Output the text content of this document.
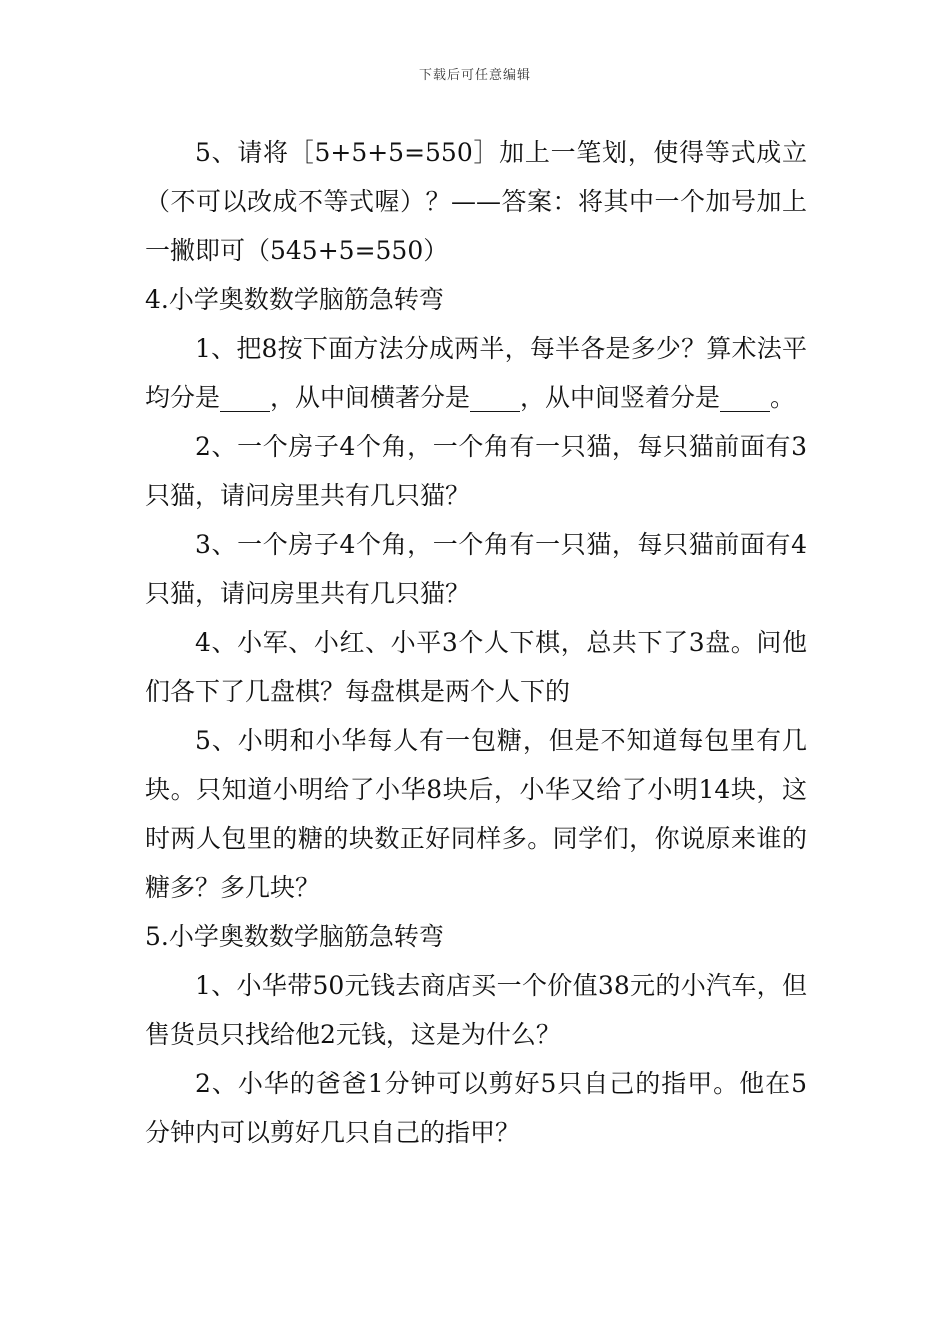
下载后可任意编辑

5、请将［5+5+5=550］加上一笔划，使得等式成立（不可以改成不等式喔）？——答案：将其中一个加号加上一撇即可（545+5=550）

4.小学奥数数学脑筋急转弯

1、把8按下面方法分成两半，每半各是多少？算术法平均分是____，从中间横著分是____，从中间竖着分是____。

2、一个房子4个角，一个角有一只猫，每只猫前面有3只猫，请问房里共有几只猫？

3、一个房子4个角，一个角有一只猫，每只猫前面有4只猫，请问房里共有几只猫？

4、小军、小红、小平3个人下棋，总共下了3盘。问他们各下了几盘棋？每盘棋是两个人下的

5、小明和小华每人有一包糖，但是不知道每包里有几块。只知道小明给了小华8块后，小华又给了小明14块，这时两人包里的糖的块数正好同样多。同学们，你说原来谁的糖多？多几块？

5.小学奥数数学脑筋急转弯

1、小华带50元钱去商店买一个价值38元的小汽车，但售货员只找给他2元钱，这是为什么？

2、小华的爸爸1分钟可以剪好5只自己的指甲。他在5分钟内可以剪好几只自己的指甲？
